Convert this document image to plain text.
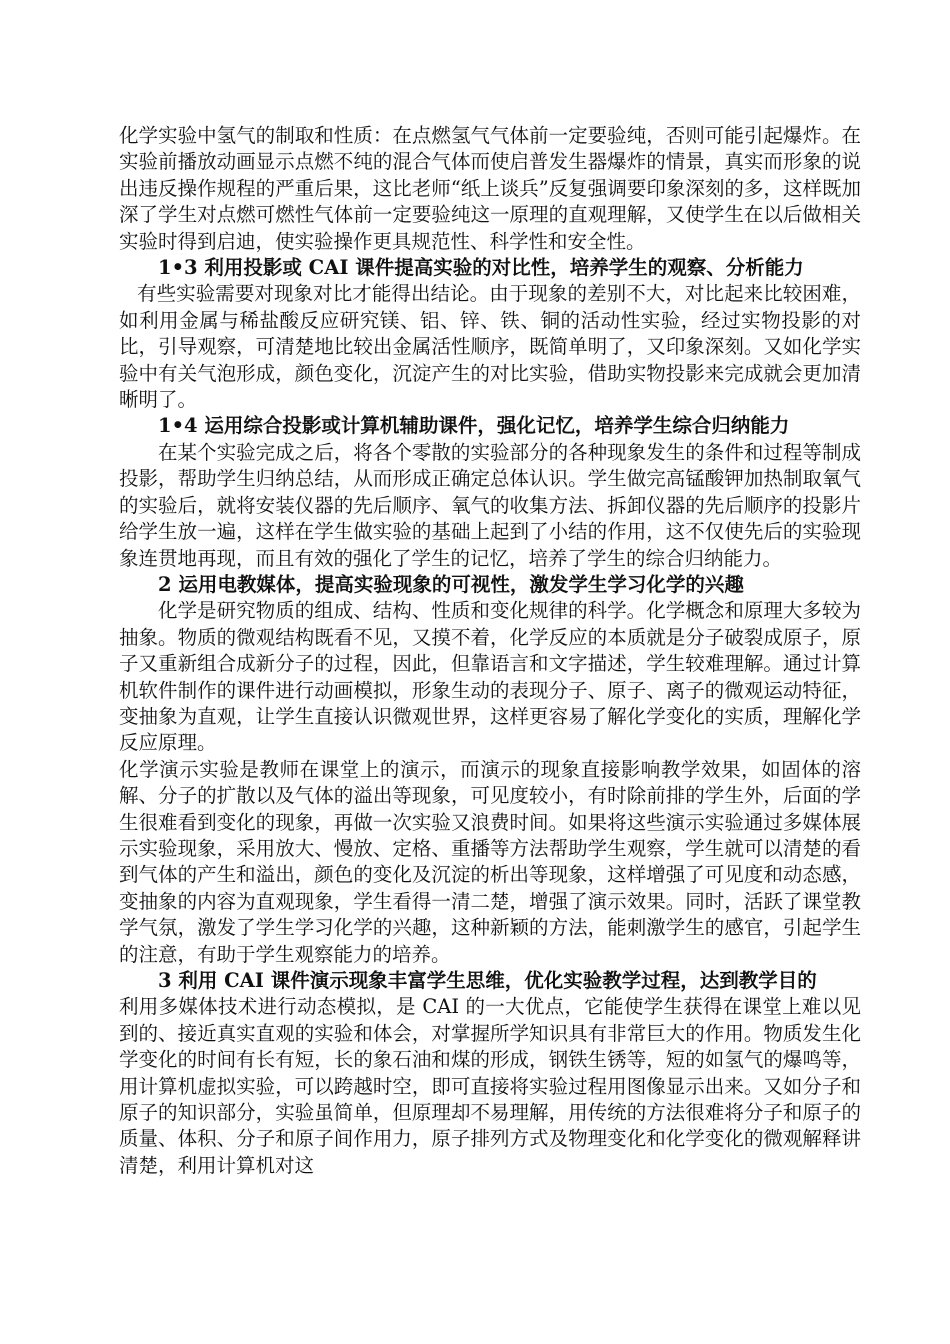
化学实验中氢气的制取和性质：在点燃氢气气体前一定要验纯，否则可能引起爆炸。在实验前播放动画显示点燃不纯的混合气体而使启普发生器爆炸的情景，真实而形象的说出违反操作规程的严重后果，这比老师“纸上谈兵”反复强调要印象深刻的多，这样既加深了学生对点燃可燃性气体前一定要验纯这一原理的直观理解，又使学生在以后做相关实验时得到启迪，使实验操作更具规范性、科学性和安全性。

1•3 利用投影或 CAI 课件提高实验的对比性，培养学生的观察、分析能力

有些实验需要对现象对比才能得出结论。由于现象的差别不大，对比起来比较困难，如利用金属与稀盐酸反应研究镁、铝、锌、铁、铜的活动性实验，经过实物投影的对比，引导观察，可清楚地比较出金属活性顺序，既简单明了，又印象深刻。又如化学实验中有关气泡形成，颜色变化，沉淀产生的对比实验，借助实物投影来完成就会更加清晰明了。

1•4 运用综合投影或计算机辅助课件，强化记忆，培养学生综合归纳能力

在某个实验完成之后，将各个零散的实验部分的各种现象发生的条件和过程等制成投影，帮助学生归纳总结，从而形成正确定总体认识。学生做完高锰酸钾加热制取氧气的实验后，就将安装仪器的先后顺序、氧气的收集方法、拆卸仪器的先后顺序的投影片给学生放一遍，这样在学生做实验的基础上起到了小结的作用，这不仅使先后的实验现象连贯地再现，而且有效的强化了学生的记忆，培养了学生的综合归纳能力。

2 运用电教媒体，提高实验现象的可视性，激发学生学习化学的兴趣

化学是研究物质的组成、结构、性质和变化规律的科学。化学概念和原理大多较为抽象。物质的微观结构既看不见，又摸不着，化学反应的本质就是分子破裂成原子，原子又重新组合成新分子的过程，因此，但靠语言和文字描述，学生较难理解。通过计算机软件制作的课件进行动画模拟，形象生动的表现分子、原子、离子的微观运动特征，变抽象为直观，让学生直接认识微观世界，这样更容易了解化学变化的实质，理解化学反应原理。

化学演示实验是教师在课堂上的演示，而演示的现象直接影响教学效果，如固体的溶解、分子的扩散以及气体的溢出等现象，可见度较小，有时除前排的学生外，后面的学生很难看到变化的现象，再做一次实验又浪费时间。如果将这些演示实验通过多媒体展示实验现象，采用放大、慢放、定格、重播等方法帮助学生观察，学生就可以清楚的看到气体的产生和溢出，颜色的变化及沉淀的析出等现象，这样增强了可见度和动态感，变抽象的内容为直观现象，学生看得一清二楚，增强了演示效果。同时，活跃了课堂教学气氛，激发了学生学习化学的兴趣，这种新颖的方法，能刺激学生的感官，引起学生的注意，有助于学生观察能力的培养。

3 利用 CAI 课件演示现象丰富学生思维，优化实验教学过程，达到教学目的

利用多媒体技术进行动态模拟，是 CAI 的一大优点，它能使学生获得在课堂上难以见到的、接近真实直观的实验和体会，对掌握所学知识具有非常巨大的作用。物质发生化学变化的时间有长有短，长的象石油和煤的形成，钢铁生锈等，短的如氢气的爆鸣等，用计算机虚拟实验，可以跨越时空，即可直接将实验过程用图像显示出来。又如分子和原子的知识部分，实验虽简单，但原理却不易理解，用传统的方法很难将分子和原子的质量、体积、分子和原子间作用力，原子排列方式及物理变化和化学变化的微观解释讲清楚，利用计算机对这
